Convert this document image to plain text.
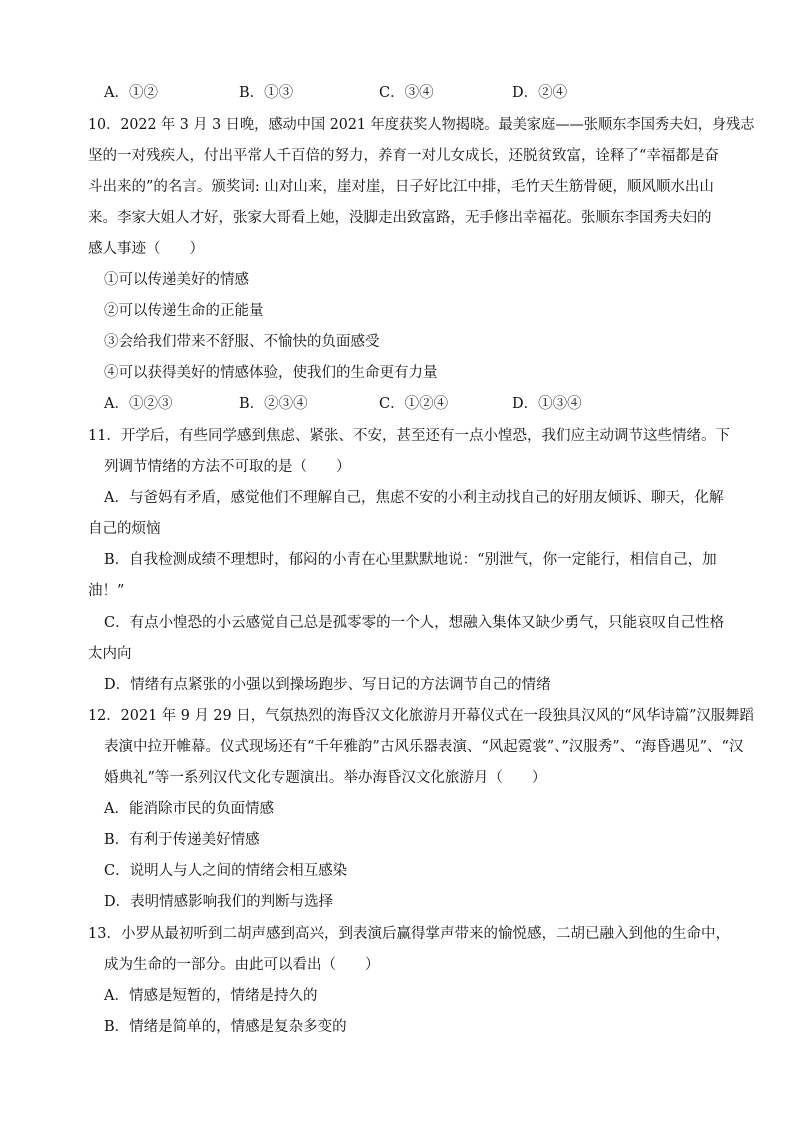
A．①②	B．①③	C．③④	D．②④
10．2022 年 3 月 3 日晚，感动中国 2021 年度获奖人物揭晓。最美家庭——张顺东李国秀夫妇，身残志
坚的一对残疾人，付出平常人千百倍的努力，养育一对儿女成长，还脱贫致富，诠释了“幸福都是奋
斗出来的”的名言。颁奖词: 山对山来，崖对崖，日子好比江中排，毛竹天生筋骨硬，顺风顺水出山
来。李家大姐人才好，张家大哥看上她，没脚走出致富路，无手修出幸福花。张顺东李国秀夫妇的
感人事迹（　　）
①可以传递美好的情感
②可以传递生命的正能量
③会给我们带来不舒服、不愉快的负面感受
④可以获得美好的情感体验，使我们的生命更有力量
A．①②③	B．②③④	C．①②④	D．①③④
11．开学后，有些同学感到焦虑、紧张、不安，甚至还有一点小惶恐，我们应主动调节这些情绪。下
列调节情绪的方法不可取的是（　　）
A．与爸妈有矛盾，感觉他们不理解自己，焦虑不安的小利主动找自己的好朋友倾诉、聊天，化解
自己的烦恼
B．自我检测成绩不理想时，郁闷的小青在心里默默地说：“别泄气，你一定能行，相信自己，加
油！”
C．有点小惶恐的小云感觉自己总是孤零零的一个人，想融入集体又缺少勇气，只能哀叹自己性格
太内向
D．情绪有点紧张的小强以到操场跑步、写日记的方法调节自己的情绪
12．2021 年 9 月 29 日，气氛热烈的海昏汉文化旅游月开幕仪式在一段独具汉风的“风华诗篇”汉服舞蹈
表演中拉开帷幕。仪式现场还有“千年雅韵”古风乐器表演、“风起霓裳”、”汉服秀”、“海昏遇见”、“汉
婚典礼”等一系列汉代文化专题演出。举办海昏汉文化旅游月（　　）
A．能消除市民的负面情感
B．有利于传递美好情感
C．说明人与人之间的情绪会相互感染
D．表明情感影响我们的判断与选择
13．小罗从最初听到二胡声感到高兴，到表演后赢得掌声带来的愉悦感，二胡已融入到他的生命中，
成为生命的一部分。由此可以看出（　　）
A．情感是短暂的，情绪是持久的
B．情绪是简单的，情感是复杂多变的
